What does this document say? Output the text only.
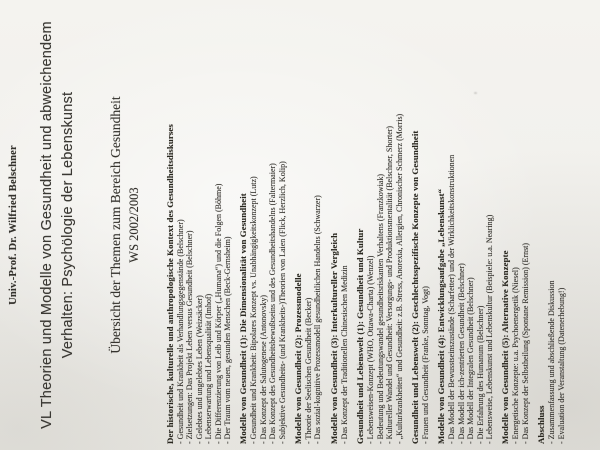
Univ.-Prof. Dr. Wilfried Belschner VL Theorien und Modelle von Gesundheit und abweichendem Verhalten: Psychölogie der Lebenskunst Übersicht der Themen zum Bereich Gesundheit WS 2002/2003	Der historische, kulturelle und anthropologische Kontext des Gesundheitsdiskurses - Gesundheit und Krankheit als Verhandlungsgegenstände (Belschner) - Zielsetzungen: Das Projekt Leben versus Gesundheit (Belschner) - Gelebtes und ungelebtes Leben (Weizsäcker) - Lebenserwartung und Lebensqualität (Imhof) - Die Differenzierung von Leib und Körper („Humana“) und die Folgen (Böhme) - Der Traum vom neuen, gesunden Menschen (Beck-Gernsheim) Modelle von Gesundheit (1): Die Dimensionalität von Gesundheit - Gesundheit und Krankheit: Bipolares Konzept vs. Unabhängigkeitskonzept (Lutz) - Das Konzept der Salutogenese (Antonovsky) - Das Konzept des Gesundheitsbewußtseins und des Gesundheitshandelns (Faltermaier) - Subjektive Gesundheits- (und Krankheits-)Theorien von Laien (Flick, Herzlich, Kolip) Modelle von Gesundheit (2): Prozessmodelle - Theorie der Seelischen Gesundheit (Becker) - Das sozial-kognitive Prozessmodell gesundheitlichen Handelns (Schwarzer) Modelle von Gesundheit (3): Interkultureller Vergleich - Das Konzept der Traditionellen Chinesischen Medizin Gesundheit und Lebenswelt (1): Gesundheit und Kultur - Lebensweisen-Konzept (WHO, Ottawa-Charta) (Wenzel) - Bedeutung und Bedeutungswandel gesundheitsriskanten Verhaltens (Franzkowiak) - Kultureller Wandel und Gesundheit: Versorgungs- und Produktionsmentalität (Belschner, Shorter) - „Kulturkrankheiten“ und Gesundheit: z.B. Stress, Anorexia, Allergien, Chronischer Schmerz (Morris) Gesundheit und Lebenswelt (2): Geschlechtsspezifische Konzepte von Gesundheit - Frauen und Gesundheit (Franke, Sonntag, Vogt) Modelle von Gesundheit (4): Entwicklungsaufgabe „Lebenskunst“ - Das Modell der Bewusstseinszustände (Scharfetter) und der Wirklichkeitskonstruktionen - Das Modell der ich-zentrierten Gesundheit (Belschner) - Das Modell der Integralen Gesundheit (Belschner) - Die Erfahrung des Humanum (Belschner) - Lebensweise, Lebenskunst und Lebenskultur (Beispiele: u.a. Nearing) Modelle von Gesundheit (5): Alternative Konzepte - Energetische Konzepte: u.a. Psychoenergetik (Niesel) - Das Konzept der Selbstheilung (Spontane Remission) (Ernst) Abschluss - Zusammenfassung und abschließende Diskussion - Evaluation der Veranstaltung (Datenerhebung!)
